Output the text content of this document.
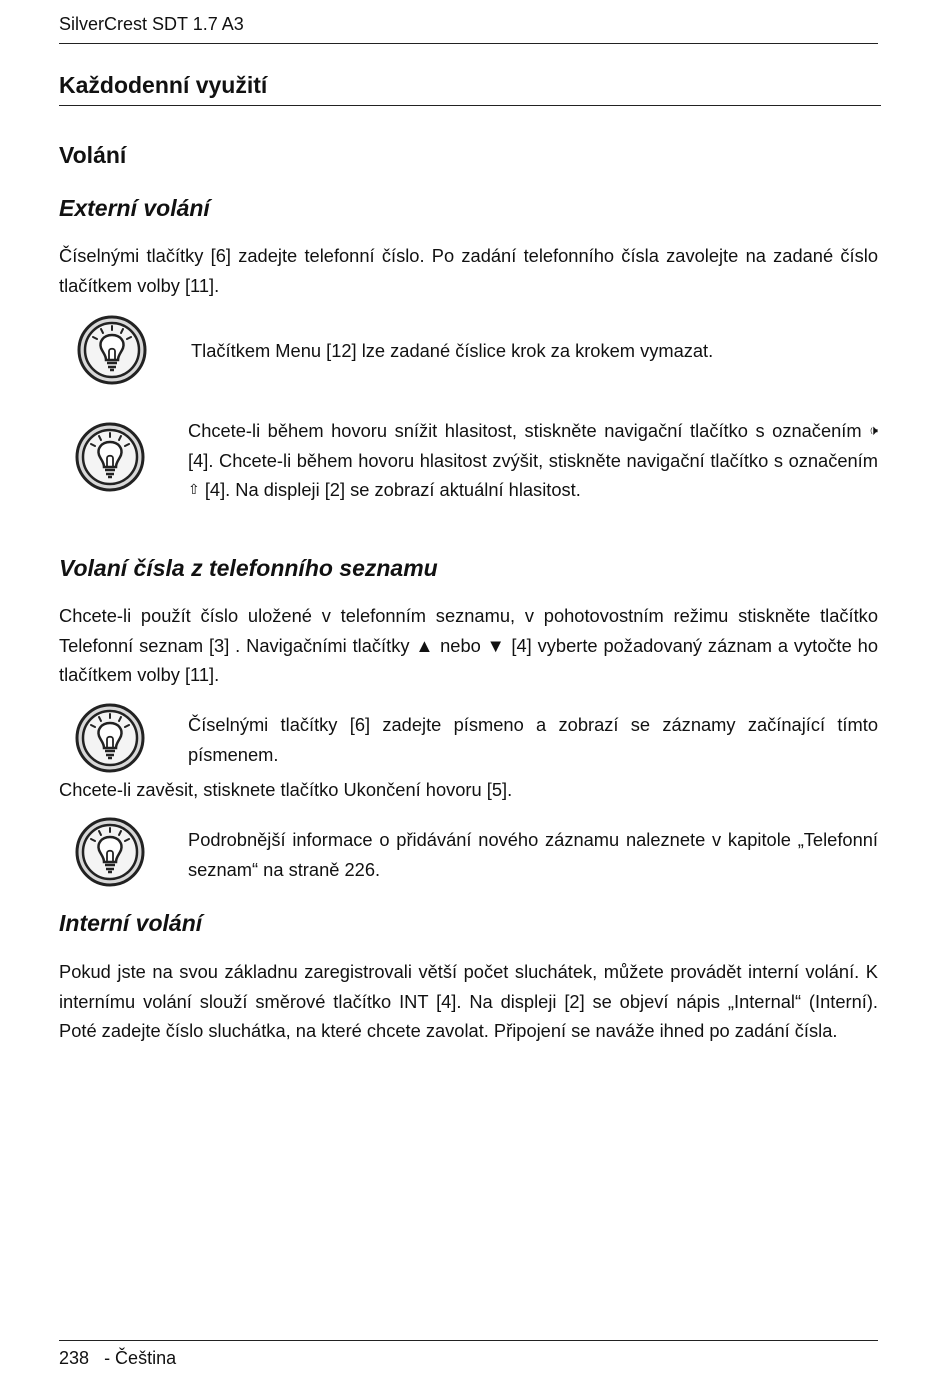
SilverCrest SDT 1.7 A3
Každodenní využití
Volání
Externí volání
Číselnými tlačítky [6] zadejte telefonní číslo. Po zadání telefonního čísla zavolejte na zadané číslo tlačítkem volby [11].
Tlačítkem Menu [12] lze zadané číslice krok za krokem vymazat.
Chcete-li během hovoru snížit hlasitost, stiskněte navigační tlačítko s označením 🕩 [4]. Chcete-li během hovoru hlasitost zvýšit, stiskněte navigační tlačítko s označením ⇧ [4]. Na displeji [2] se zobrazí aktuální hlasitost.
Volaní čísla z telefonního seznamu
Chcete-li použít číslo uložené v telefonním seznamu, v pohotovostním režimu stiskněte tlačítko Telefonní seznam [3] . Navigačními tlačítky ▲ nebo ▼ [4] vyberte požadovaný záznam a vytočte ho tlačítkem volby [11].
Číselnými tlačítky [6] zadejte písmeno a zobrazí se záznamy začínající tímto písmenem.
Chcete-li zavěsit, stisknete tlačítko Ukončení hovoru [5].
Podrobnější informace o přidávání nového záznamu naleznete v kapitole „Telefonní seznam“ na straně 226.
Interní volání
Pokud jste na svou základnu zaregistrovali větší počet sluchátek, můžete provádět interní volání. K internímu volání slouží směrové tlačítko INT [4]. Na displeji [2] se objeví nápis „Internal“ (Interní). Poté zadejte číslo sluchátka, na které chcete zavolat. Připojení se naváže ihned po zadání čísla.
238 - Čeština
